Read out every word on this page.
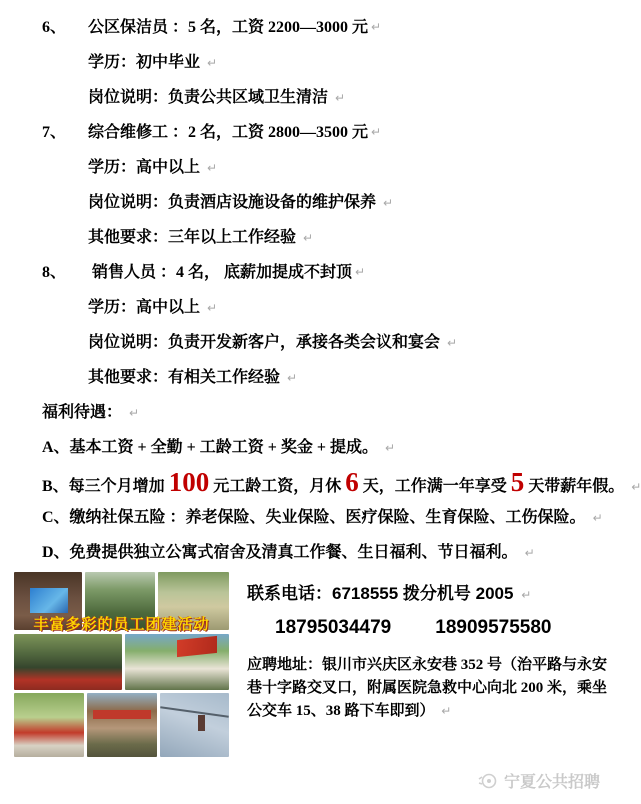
6、	公区保洁员 ：5 名，工资 2200—3000 元 ↵
学历：初中毕业 ↵
岗位说明：负责公共区域卫生清洁 ↵
7、	综合维修工 ：2 名，工资 2800—3500 元 ↵
学历：高中以上 ↵
岗位说明：负责酒店设施设备的维护保养 ↵
其他要求：三年以上工作经验 ↵
8、	销售人员 ：4 名， 底薪加提成不封顶 ↵
学历：高中以上 ↵
岗位说明：负责开发新客户，承接各类会议和宴会 ↵
其他要求：有相关工作经验 ↵
福利待遇： ↵
A、基本工资 + 全勤 + 工龄工资 + 奖金 + 提成。 ↵
B、每三个月增加 100 元工龄工资，月休 6 天，工作满一年享受 5 天带薪年假。 ↵
C、缴纳社保五险 ：养老保险、失业保险、医疗保险、生育保险、工伤保险。 ↵
D、免费提供独立公寓式宿舍及清真工作餐、生日福利、节日福利。 ↵
丰富多彩的员工团建活动
联系电话：6718555 拨分机号 2005 ↵
18795034479 18909575580
应聘地址：银川市兴庆区永安巷 352 号（治平路与永安巷十字路交叉口，附属医院急救中心向北 200 米，乘坐公交车 15、38 路下车即到） ↵
宁夏公共招聘
